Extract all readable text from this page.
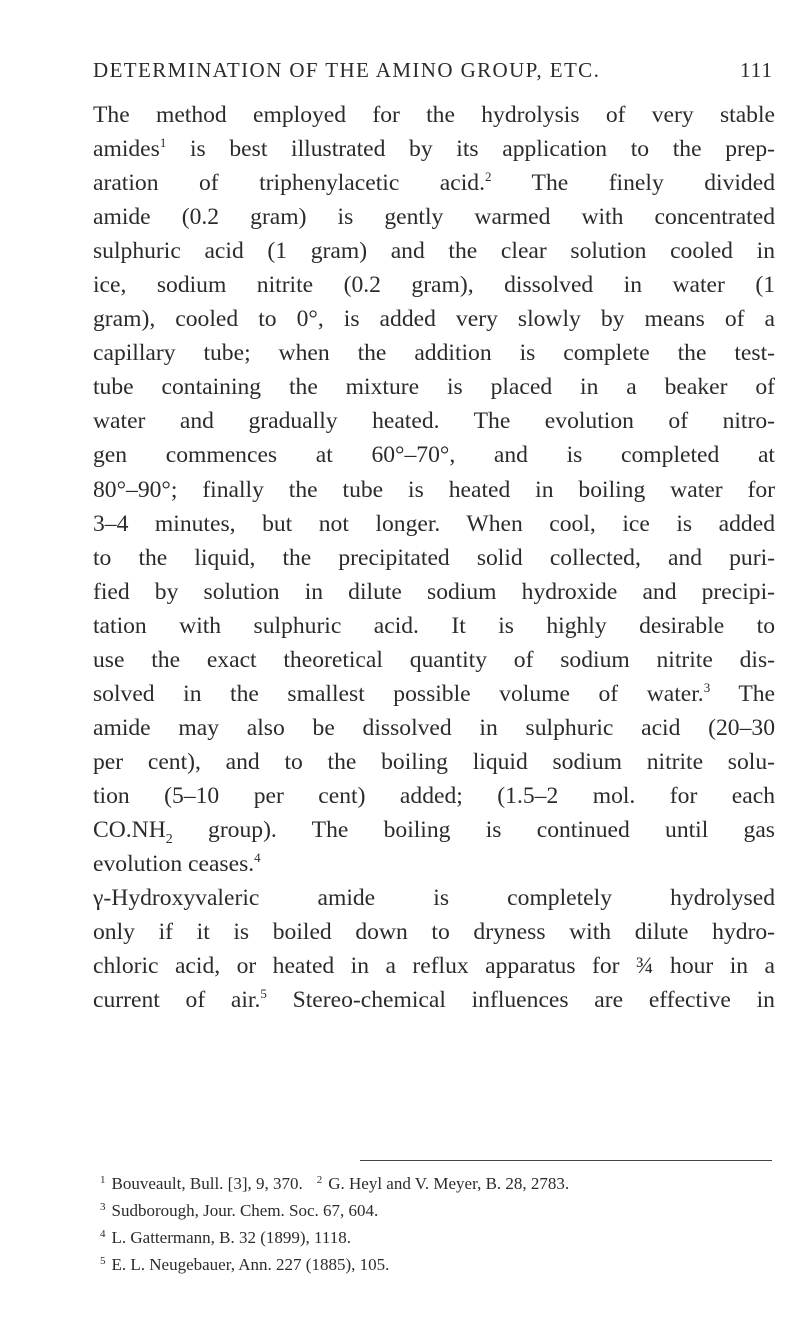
DETERMINATION OF THE AMINO GROUP, ETC.	111
The method employed for the hydrolysis of very stable
amides$^1$ is best illustrated by its application to the prep-
aration of triphenylacetic acid.$^2$ The finely divided
amide (0.2 gram) is gently warmed with concentrated
sulphuric acid (1 gram) and the clear solution cooled in
ice, sodium nitrite (0.2 gram), dissolved in water (1
gram), cooled to 0°, is added very slowly by means of a
capillary tube; when the addition is complete the test-
tube containing the mixture is placed in a beaker of
water and gradually heated. The evolution of nitro-
gen commences at 60°–70°, and is completed at
80°–90°; finally the tube is heated in boiling water for
3–4 minutes, but not longer. When cool, ice is added
to the liquid, the precipitated solid collected, and puri-
fied by solution in dilute sodium hydroxide and precipi-
tation with sulphuric acid. It is highly desirable to
use the exact theoretical quantity of sodium nitrite dis-
solved in the smallest possible volume of water.$^3$ The
amide may also be dissolved in sulphuric acid (20–30
per cent), and to the boiling liquid sodium nitrite solu-
tion (5–10 per cent) added; (1.5–2 mol. for each
$CO.NH_2$ group). The boiling is continued until gas
evolution ceases.$^4$
γ-Hydroxyvaleric amide is completely hydrolysed
only if it is boiled down to dryness with dilute hydro-
chloric acid, or heated in a reflux apparatus for ¾ hour in a
current of air.$^5$ Stereo-chemical influences are effective in
$^1$ Bouveault, Bull. [3], 9, 370. $^2$ G. Heyl and V. Meyer, B. 28, 2783.
$^3$ Sudborough, Jour. Chem. Soc. 67, 604.
$^4$ L. Gattermann, B. 32 (1899), 1118.
$^5$ E. L. Neugebauer, Ann. 227 (1885), 105.
